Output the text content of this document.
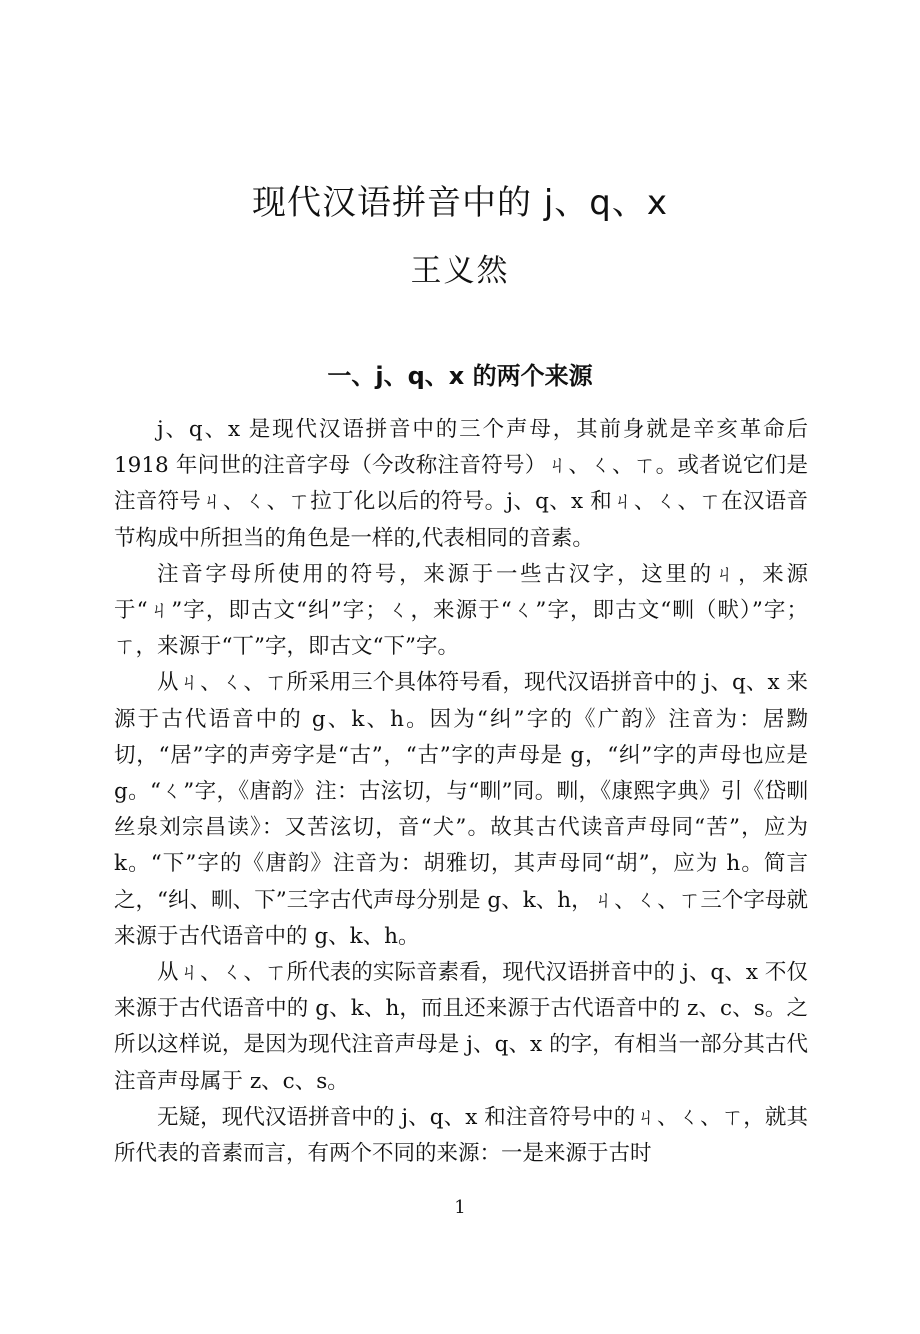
现代汉语拼音中的 j、q、x
王义然
一、j、q、x 的两个来源

j、q、x 是现代汉语拼音中的三个声母，其前身就是辛亥革命后 1918 年问世的注音字母（今改称注音符号）ㄐ、ㄑ、ㄒ。或者说它们是注音符号ㄐ、ㄑ、ㄒ拉丁化以后的符号。j、q、x 和ㄐ、ㄑ、ㄒ在汉语音节构成中所担当的角色是一样的,代表相同的音素。

注音字母所使用的符号，来源于一些古汉字，这里的ㄐ，来源于“ㄐ”字，即古文“纠”字；ㄑ，来源于“ㄑ”字，即古文“甽（畎）”字；ㄒ，来源于“丅”字，即古文“下”字。

从ㄐ、ㄑ、ㄒ所采用三个具体符号看，现代汉语拼音中的 j、q、x 来源于古代语音中的 g、k、h。因为“纠”字的《广韵》注音为：居黝切，“居”字的声旁字是“古”，“古”字的声母是 g，“纠”字的声母也应是 g。“ㄑ”字，《唐韵》注：古泫切，与“甽”同。甽，《康熙字典》引《岱甽丝泉刘宗昌读》：又苦泫切，音“犬”。故其古代读音声母同“苦”，应为 k。“下”字的《唐韵》注音为：胡雅切，其声母同“胡”，应为 h。简言之，“纠、甽、下”三字古代声母分别是 g、k、h，ㄐ、ㄑ、ㄒ三个字母就来源于古代语音中的 g、k、h。

从ㄐ、ㄑ、ㄒ所代表的实际音素看，现代汉语拼音中的 j、q、x 不仅来源于古代语音中的 g、k、h，而且还来源于古代语音中的 z、c、s。之所以这样说，是因为现代注音声母是 j、q、x 的字，有相当一部分其古代注音声母属于 z、c、s。

无疑，现代汉语拼音中的 j、q、x 和注音符号中的ㄐ、ㄑ、ㄒ，就其所代表的音素而言，有两个不同的来源：一是来源于古时

1
